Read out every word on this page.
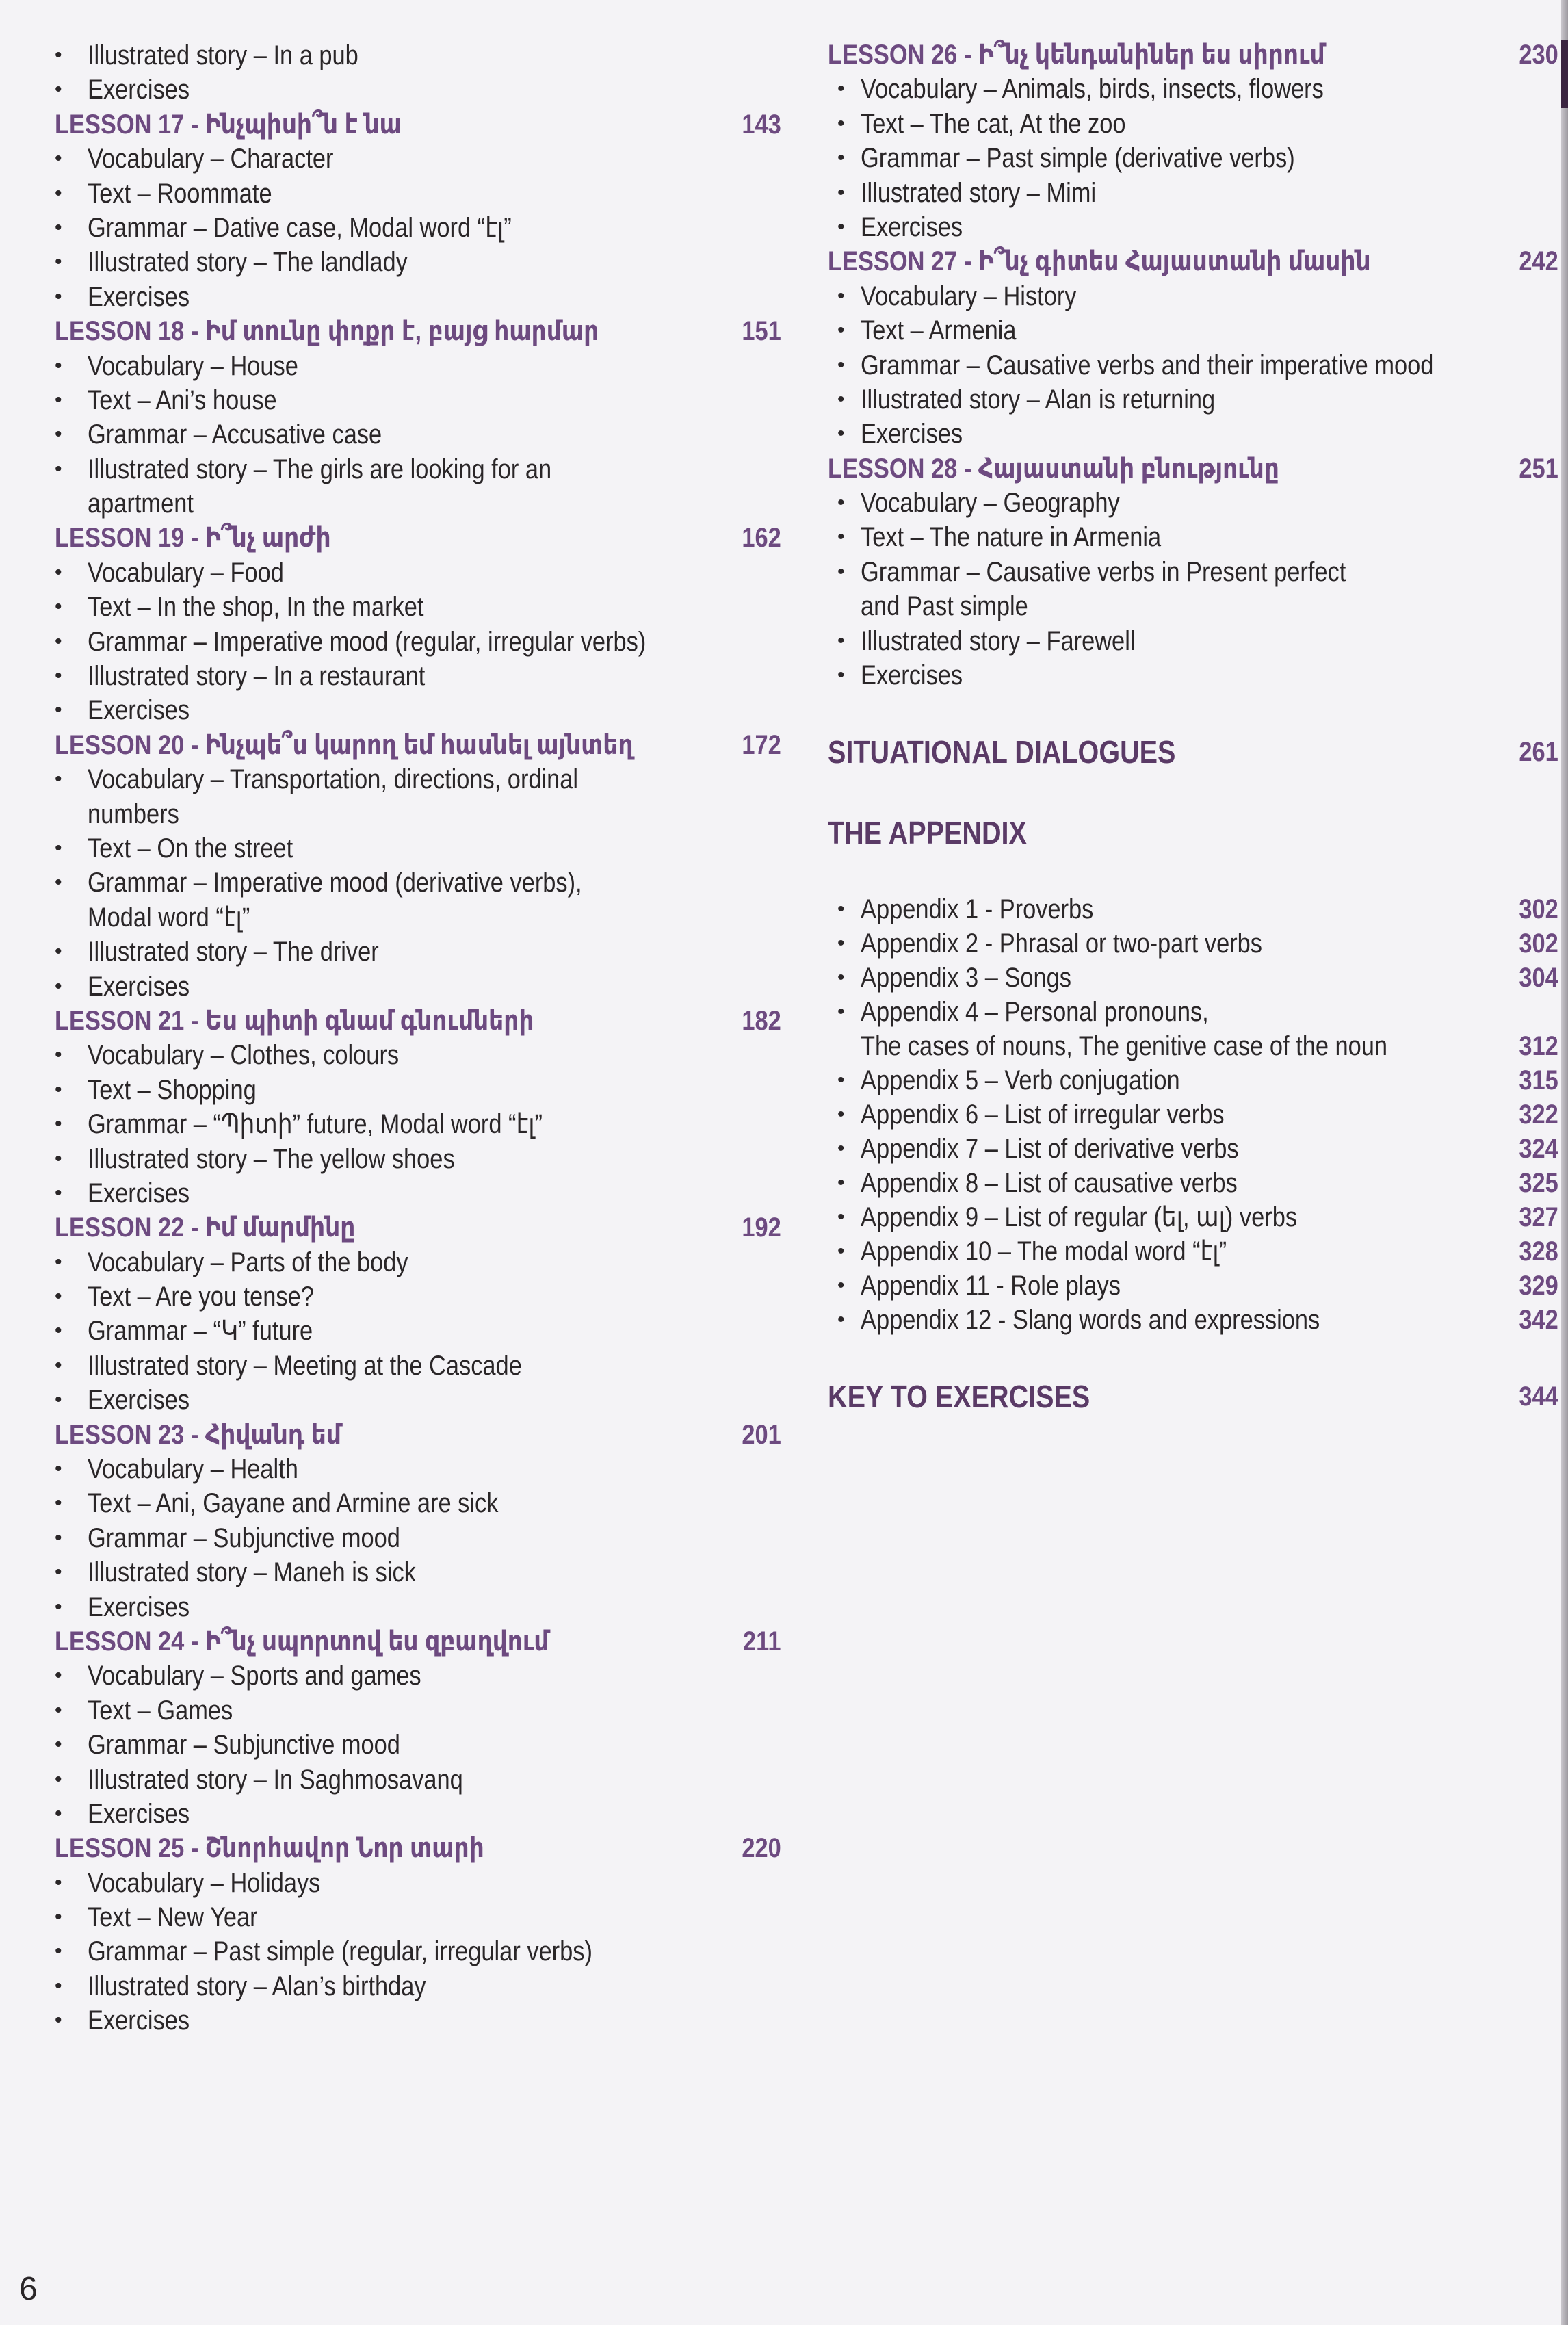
• Illustrated story – In a pub
• Exercises
LESSON 17 - Ինչպիսի՞ն է նա	143
• Vocabulary – Character
• Text – Roommate
• Grammar – Dative case, Modal word “էլ”
• Illustrated story – The landlady
• Exercises
LESSON 18 - Իմ տունը փոքր է, բայց հարմար	151
• Vocabulary – House
• Text – Ani’s house
• Grammar – Accusative case
• Illustrated story – The girls are looking for an
apartment
LESSON 19 - Ի՞նչ արժի	162
• Vocabulary – Food
• Text – In the shop, In the market
• Grammar – Imperative mood (regular, irregular verbs)
• Illustrated story – In a restaurant
• Exercises
LESSON 20 - Ինչպե՞ս կարող եմ հասնել այնտեղ	172
• Vocabulary – Transportation, directions, ordinal
numbers
• Text – On the street
• Grammar – Imperative mood (derivative verbs),
Modal word “էլ”
• Illustrated story – The driver
• Exercises
LESSON 21 - Ես պիտի գնամ գնումների	182
• Vocabulary – Clothes, colours
• Text – Shopping
• Grammar – “Պիտի” future, Modal word “էլ”
• Illustrated story – The yellow shoes
• Exercises
LESSON 22 - Իմ մարմինը	192
• Vocabulary – Parts of the body
• Text – Are you tense?
• Grammar – “Կ” future
• Illustrated story – Meeting at the Cascade
• Exercises
LESSON 23 - Հիվանդ եմ	201
• Vocabulary – Health
• Text – Ani, Gayane and Armine are sick
• Grammar – Subjunctive mood
• Illustrated story – Maneh is sick
• Exercises
LESSON 24 - Ի՞նչ սպորտով ես զբաղվում	211
• Vocabulary – Sports and games
• Text – Games
• Grammar – Subjunctive mood
• Illustrated story – In Saghmosavanq
• Exercises
LESSON 25 - Շնորհավոր Նոր տարի	220
• Vocabulary – Holidays
• Text – New Year
• Grammar – Past simple (regular, irregular verbs)
• Illustrated story – Alan’s birthday
• Exercises
LESSON 26 - Ի՞նչ կենդանիներ ես սիրում	230
• Vocabulary – Animals, birds, insects, flowers
• Text – The cat, At the zoo
• Grammar – Past simple (derivative verbs)
• Illustrated story – Mimi
• Exercises
LESSON 27 - Ի՞նչ գիտես Հայաստանի մասին	242
• Vocabulary – History
• Text – Armenia
• Grammar – Causative verbs and their imperative mood
• Illustrated story – Alan is returning
• Exercises
LESSON 28 - Հայաստանի բնությունը	251
• Vocabulary – Geography
• Text – The nature in Armenia
• Grammar – Causative verbs in Present perfect
and Past simple
• Illustrated story – Farewell
• Exercises
SITUATIONAL DIALOGUES	261
THE APPENDIX
• Appendix 1 - Proverbs	302
• Appendix 2 - Phrasal or two-part verbs	302
• Appendix 3 – Songs	304
• Appendix 4 – Personal pronouns,
The cases of nouns, The genitive case of the noun	312
• Appendix 5 – Verb conjugation	315
• Appendix 6 – List of irregular verbs	322
• Appendix 7 – List of derivative verbs	324
• Appendix 8 – List of causative verbs	325
• Appendix 9 – List of regular (ել, ալ) verbs	327
• Appendix 10 – The modal word “էլ”	328
• Appendix 11 - Role plays	329
• Appendix 12 - Slang words and expressions	342
KEY TO EXERCISES	344
6
